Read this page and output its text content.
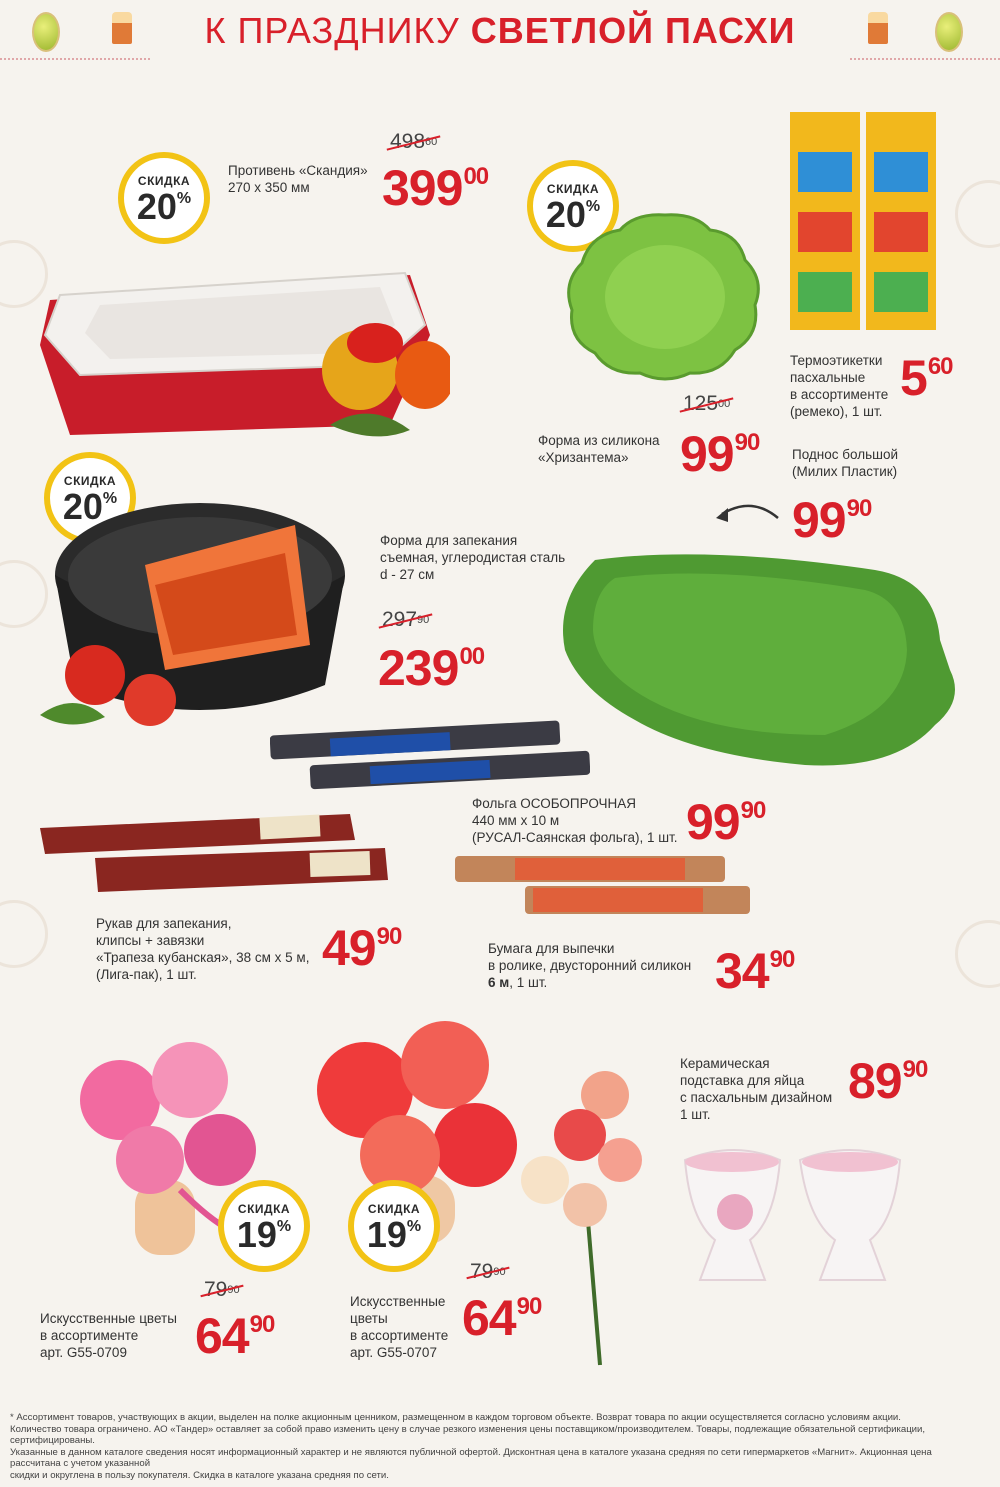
К ПРАЗДНИКУ СВЕТЛОЙ ПАСХИ
СКИДКА
20%
Противень «Скандия»
270 х 350 мм
$498^{60}$
$399^{00}$	СКИДКА
20%
Форма из силикона
«Хризантема»
$125^{00}$
$99^{90}$
Термоэтикетки
пасхальные
в ассортименте
(ремеко), 1 шт.
$5^{60}$
СКИДКА
20%
Форма для запекания
съемная, углеродистая сталь
d - 27 см
$297^{90}$
$239^{00}$
Поднос большой
(Милих Пластик)
$99^{90}$
Фольга ОСОБОПРОЧНАЯ
440 мм х 10 м
(РУСАЛ-Саянская фольга), 1 шт. $99^{90}$
Рукав для запекания,
клипсы + завязки
«Трапеза кубанская», 38 см х 5 м,
(Лига-пак), 1 шт.	$49^{90}$	Бумага для выпечки
в ролике, двусторонний силикон
6 м, 1 шт.	$34^{90}$
Керамическая
подставка для яйца
с пасхальным дизайном
1 шт.
$89^{90}$
СКИДКА
19%
Искусственные цветы
в ассортименте
арт. G55-0709
$79^{90}$
$64^{90}$
СКИДКА
19%
Искусственные
цветы
в ассортименте
арт. G55-0707
$79^{90}$
$64^{90}$
* Ассортимент товаров, участвующих в акции, выделен на полке акционным ценником, размещенном в каждом торговом объекте. Возврат товара по акции осуществляется согласно условиям акции.
Количество товара ограничено. АО «Тандер» оставляет за собой право изменить цену в случае резкого изменения цены поставщиком/производителем. Товары, подлежащие обязательной сертификации, сертифицированы.
Указанные в данном каталоге сведения носят информационный характер и не являются публичной офертой. Дисконтная цена в каталоге указана средняя по сети гипермаркетов «Магнит». Акционная цена рассчитана с учетом указанной
скидки и округлена в пользу покупателя. Скидка в каталоге указана средняя по сети.
